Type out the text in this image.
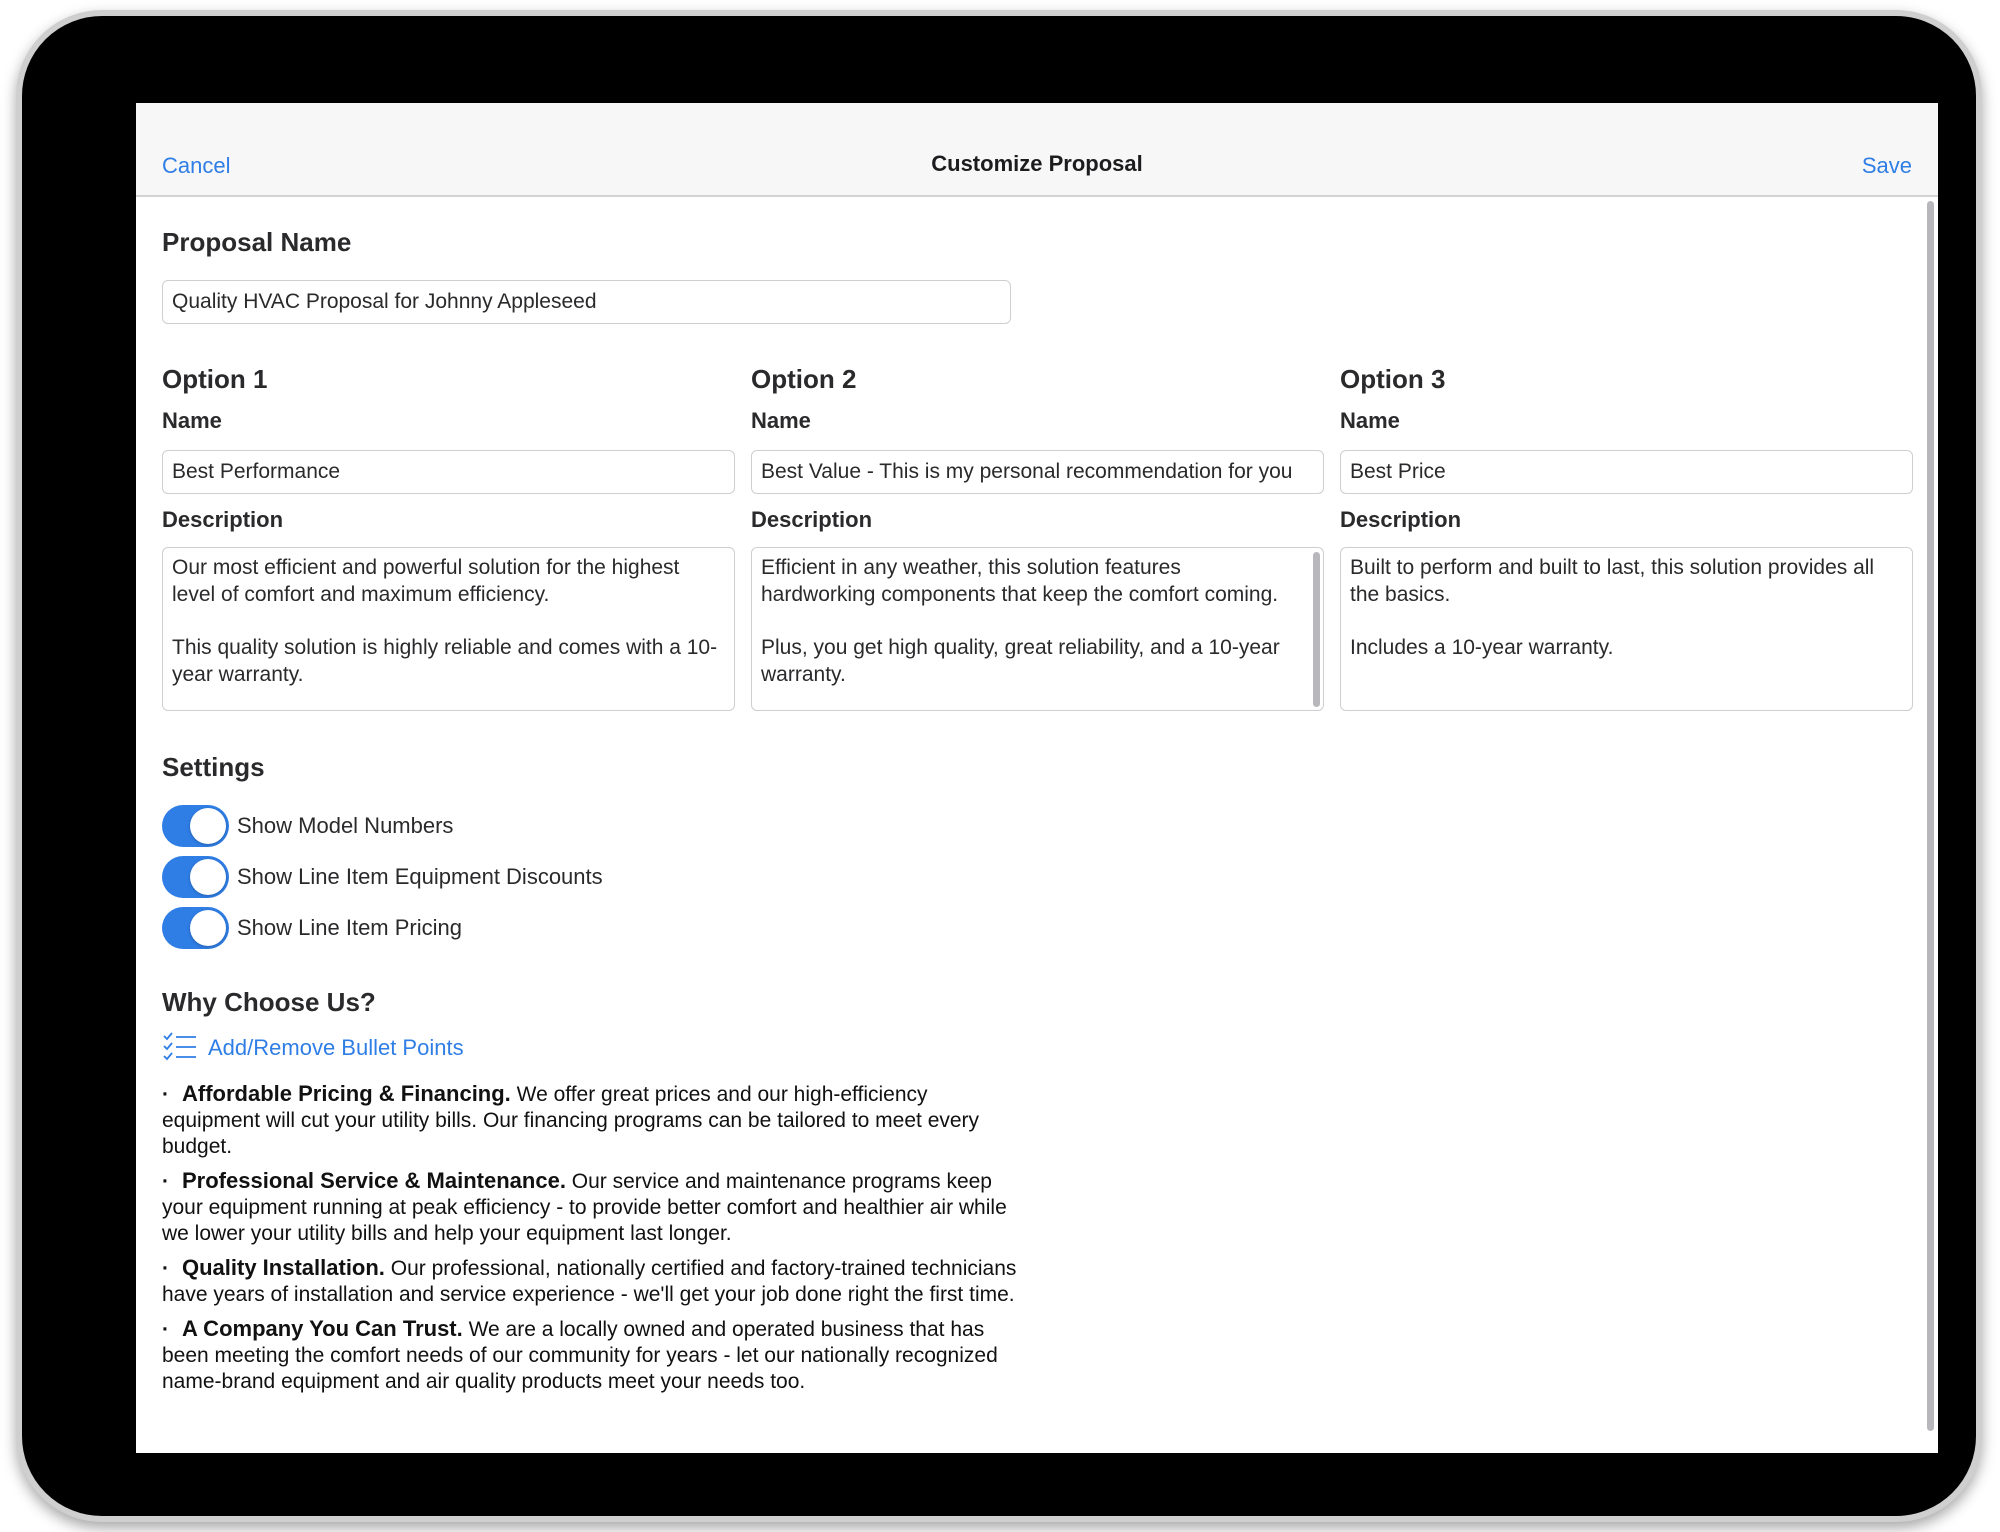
Cancel	Customize Proposal	Save
Proposal Name
Quality HVAC Proposal for Johnny Appleseed
Option 1
Name
Best Performance
Description

Our most efficient and powerful solution for the highest level of comfort and maximum efficiency.

This quality solution is highly reliable and comes with a 10-year warranty.

Option 2
Name
Best Value - This is my personal recommendation for you
Description

Efficient in any weather, this solution features hardworking components that keep the comfort coming.

Plus, you get high quality, great reliability, and a 10-year warranty.

Option 3
Name
Best Price
Description

Built to perform and built to last, this solution provides all the basics.

Includes a 10-year warranty.

Settings
Show Model Numbers
Show Line Item Equipment Discounts
Show Line Item Pricing
Why Choose Us?
Add/Remove Bullet Points
· Affordable Pricing & Financing. We offer great prices and our high-efficiency equipment will cut your utility bills. Our financing programs can be tailored to meet every budget.
· Professional Service & Maintenance. Our service and maintenance programs keep your equipment running at peak efficiency - to provide better comfort and healthier air while we lower your utility bills and help your equipment last longer.
· Quality Installation. Our professional, nationally certified and factory-trained technicians have years of installation and service experience - we'll get your job done right the first time.
· A Company You Can Trust. We are a locally owned and operated business that has been meeting the comfort needs of our community for years - let our nationally recognized name-brand equipment and air quality products meet your needs too.
